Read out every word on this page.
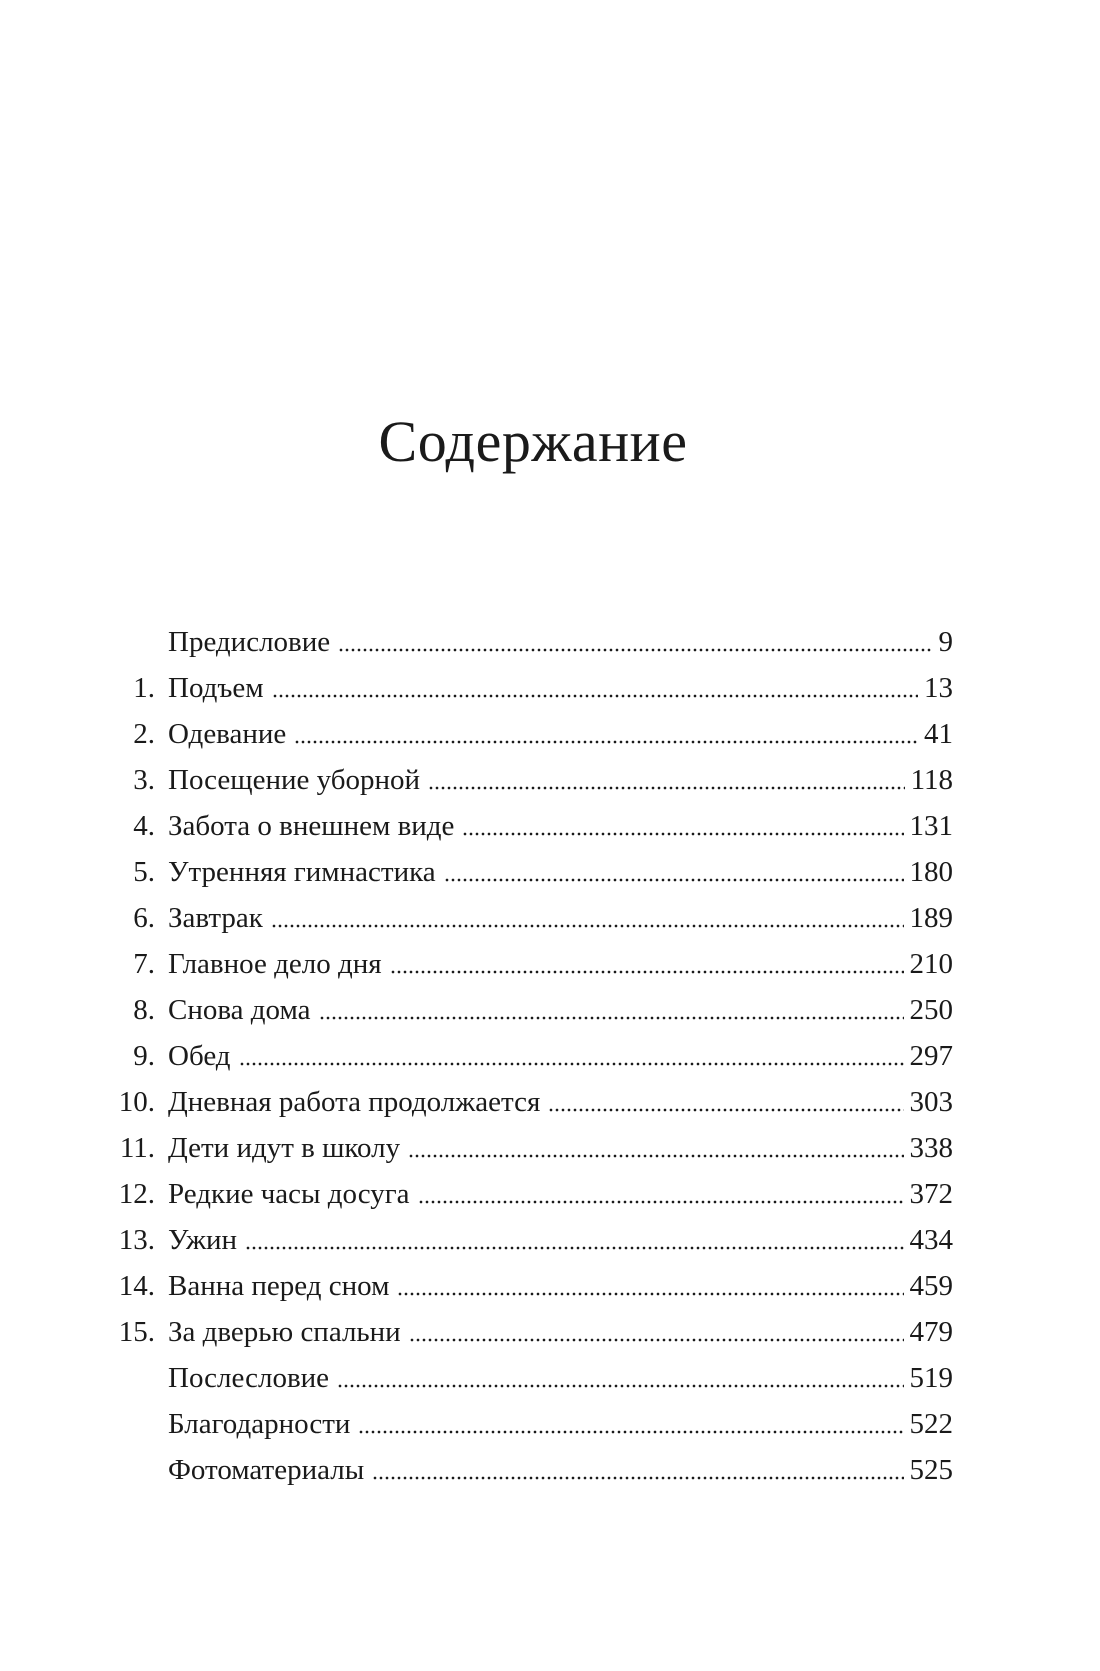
Содержание
Предисловие	9
1. Подъем	13
2. Одевание	41
3. Посещение уборной	118
4. Забота о внешнем виде	131
5. Утренняя гимнастика	180
6. Завтрак	189
7. Главное дело дня	210
8. Снова дома	250
9. Обед	297
10. Дневная работа продолжается	303
11. Дети идут в школу	338
12. Редкие часы досуга	372
13. Ужин	434
14. Ванна перед сном	459
15. За дверью спальни	479
Послесловие	519
Благодарности	522
Фотоматериалы	525
